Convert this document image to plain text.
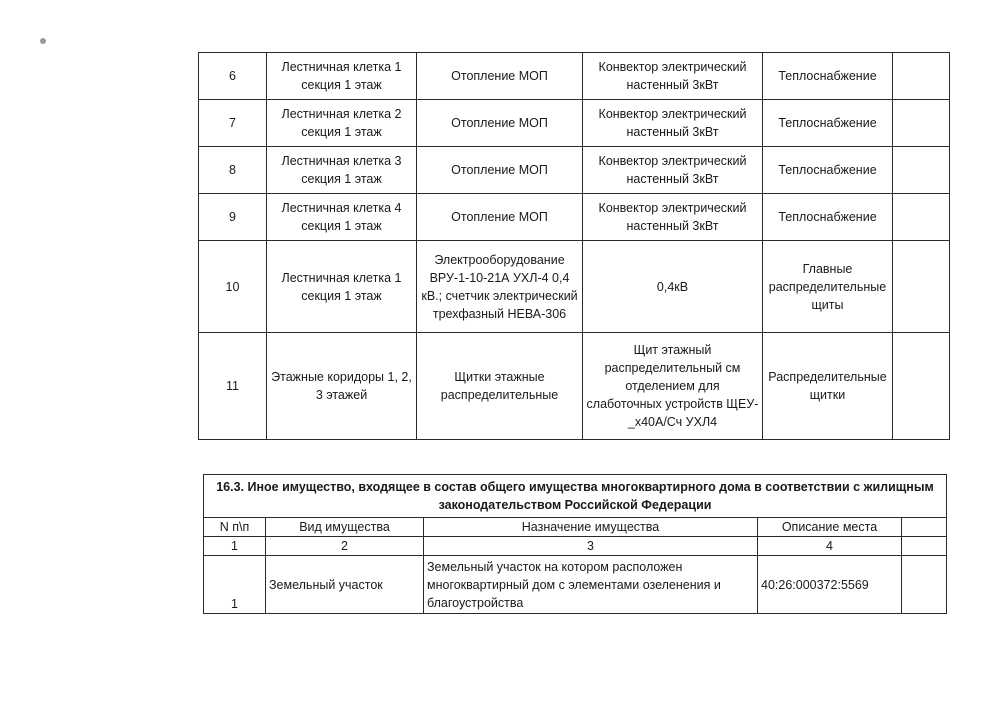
6	Лестничная клетка 1 секция 1 этаж	Отопление МОП	Конвектор электрический настенный 3кВт	Теплоснабжение	
7	Лестничная клетка 2 секция 1 этаж	Отопление МОП	Конвектор электрический настенный 3кВт	Теплоснабжение	
8	Лестничная клетка 3 секция 1 этаж	Отопление МОП	Конвектор электрический настенный 3кВт	Теплоснабжение	
9	Лестничная клетка 4 секция 1 этаж	Отопление МОП	Конвектор электрический настенный 3кВт	Теплоснабжение	
10	Лестничная клетка 1 секция 1 этаж	Электрооборудование ВРУ-1-10-21А УХЛ-4 0,4 кВ.; счетчик электрический трехфазный НЕВА-306	0,4кВ	Главные распределительные щиты	
11	Этажные коридоры 1, 2, 3 этажей	Щитки этажные распределительные	Щит этажный распределительный см отделением для слаботочных устройств ЩЕУ-_х40А/Сч УХЛ4	Распределительные щитки	
16.3. Иное имущество, входящее в состав общего имущества многоквартирного дома в соответствии с жилищным законодательством Российской Федерации				
N п\п	Вид имущества	Назначение имущества	Описание места	
1	2	3	4	
1	Земельный участок	Земельный участок на котором расположен многоквартирный дом с элементами озеленения и благоустройства	40:26:000372:5569	
